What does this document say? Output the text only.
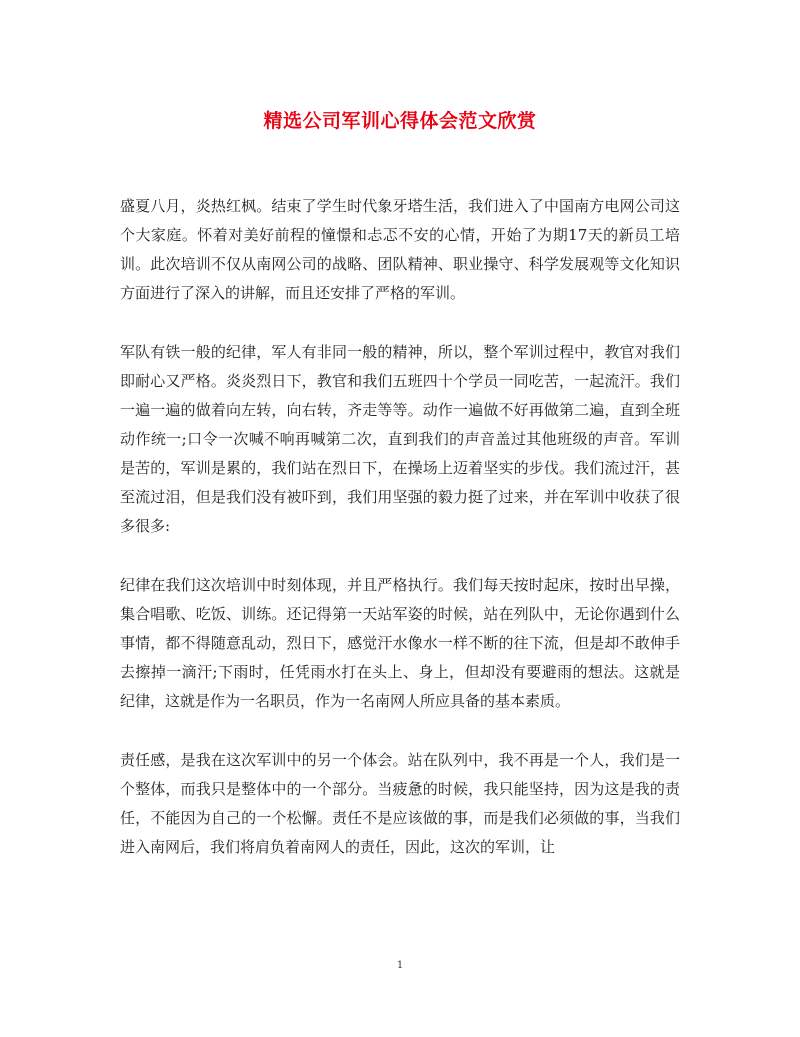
精选公司军训心得体会范文欣赏

盛夏八月，炎热红枫。结束了学生时代象牙塔生活，我们进入了中国南方电网公司这个大家庭。怀着对美好前程的憧憬和忐忑不安的心情，开始了为期17天的新员工培训。此次培训不仅从南网公司的战略、团队精神、职业操守、科学发展观等文化知识方面进行了深入的讲解，而且还安排了严格的军训。

军队有铁一般的纪律，军人有非同一般的精神，所以，整个军训过程中，教官对我们即耐心又严格。炎炎烈日下，教官和我们五班四十个学员一同吃苦，一起流汗。我们一遍一遍的做着向左转，向右转，齐走等等。动作一遍做不好再做第二遍，直到全班动作统一;口令一次喊不响再喊第二次，直到我们的声音盖过其他班级的声音。军训是苦的，军训是累的，我们站在烈日下，在操场上迈着坚实的步伐。我们流过汗，甚至流过泪，但是我们没有被吓到，我们用坚强的毅力挺了过来，并在军训中收获了很多很多:

纪律在我们这次培训中时刻体现，并且严格执行。我们每天按时起床，按时出早操，集合唱歌、吃饭、训练。还记得第一天站军姿的时候，站在列队中，无论你遇到什么事情，都不得随意乱动，烈日下，感觉汗水像水一样不断的往下流，但是却不敢伸手去擦掉一滴汗;下雨时，任凭雨水打在头上、身上，但却没有要避雨的想法。这就是纪律，这就是作为一名职员，作为一名南网人所应具备的基本素质。

责任感，是我在这次军训中的另一个体会。站在队列中，我不再是一个人，我们是一个整体，而我只是整体中的一个部分。当疲惫的时候，我只能坚持，因为这是我的责任，不能因为自己的一个松懈。责任不是应该做的事，而是我们必须做的事，当我们进入南网后，我们将肩负着南网人的责任，因此，这次的军训，让

1
